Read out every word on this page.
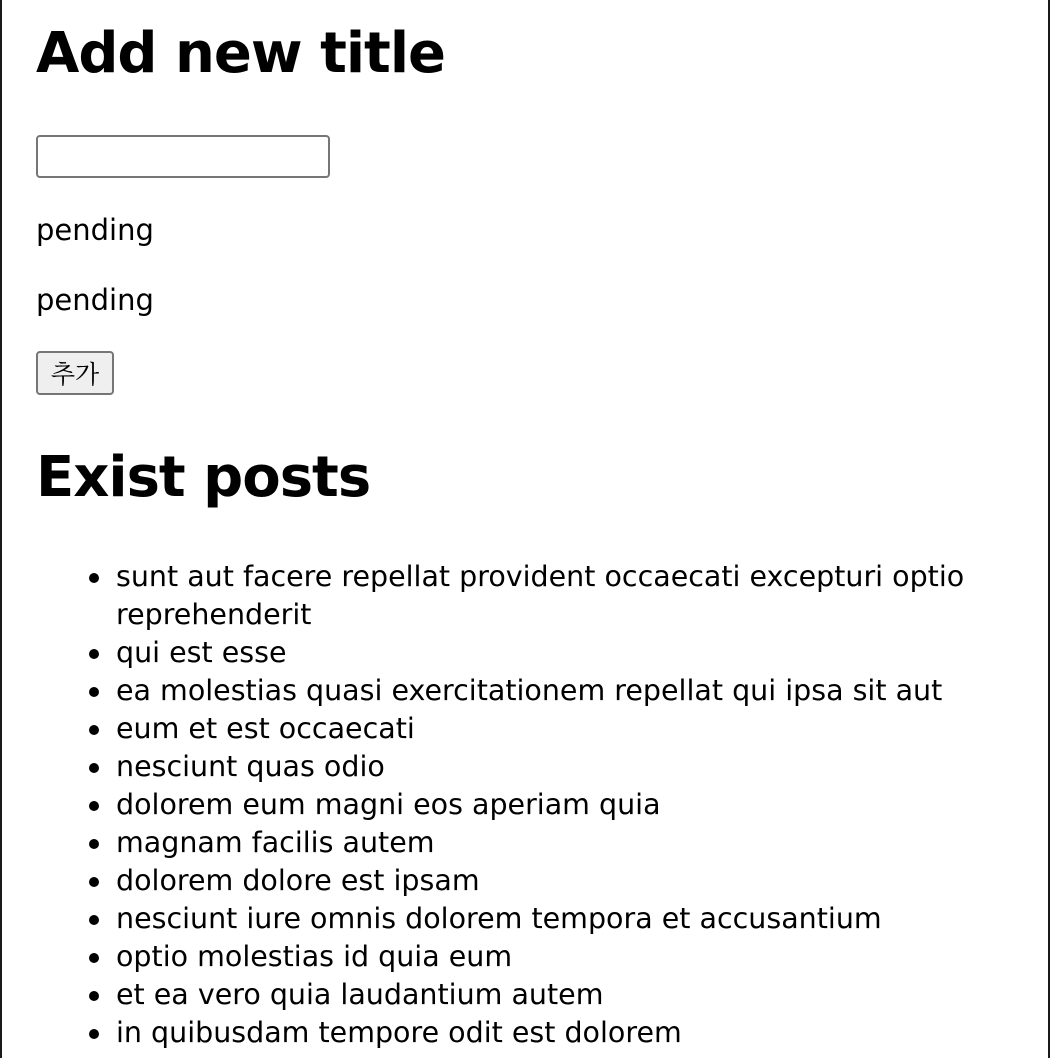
Add new title
pending
pending
추가
Exist posts
sunt aut facere repellat provident occaecati excepturi optio reprehenderit
qui est esse
ea molestias quasi exercitationem repellat qui ipsa sit aut
eum et est occaecati
nesciunt quas odio
dolorem eum magni eos aperiam quia
magnam facilis autem
dolorem dolore est ipsam
nesciunt iure omnis dolorem tempora et accusantium
optio molestias id quia eum
et ea vero quia laudantium autem
in quibusdam tempore odit est dolorem
